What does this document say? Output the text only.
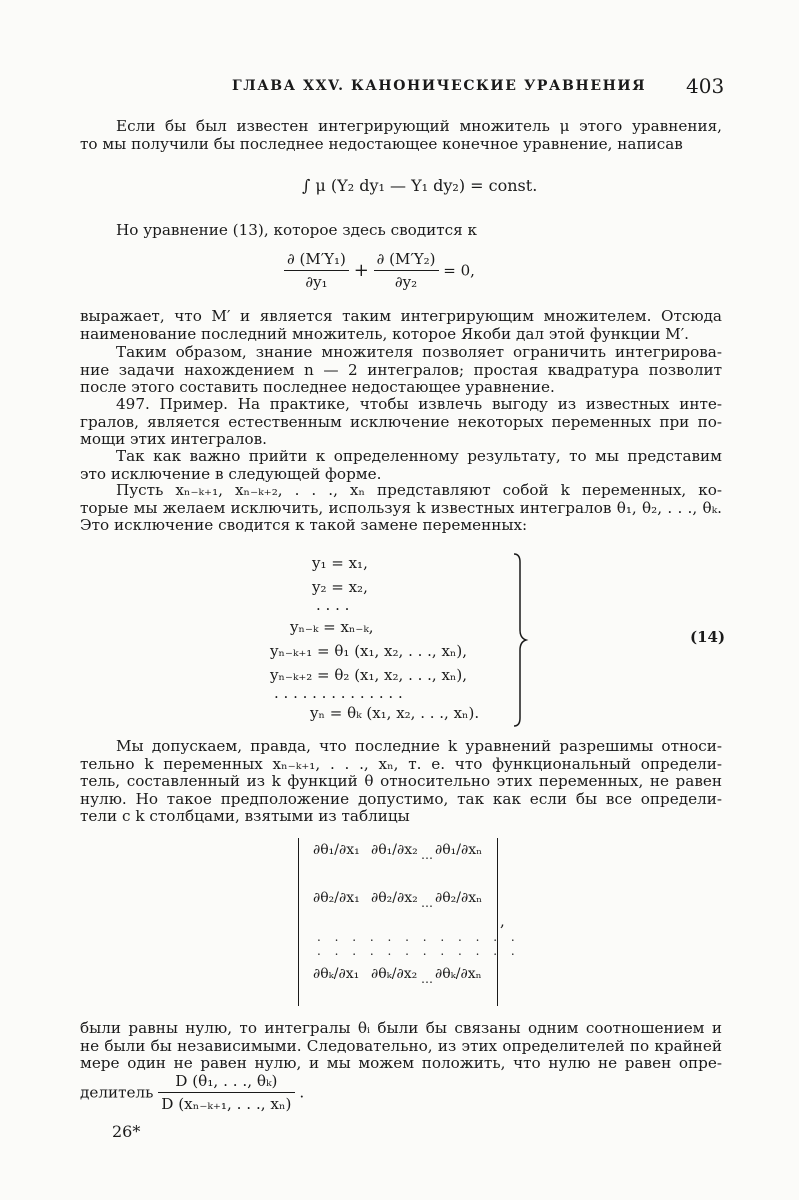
ГЛАВА XXV. КАНОНИЧЕСКИЕ УРАВНЕНИЯ 403
Если бы был известен интегрирующий множитель μ этого уравнения,
то мы получили бы последнее недостающее конечное уравнение, написав
∫ μ (Y₂ dy₁ — Y₁ dy₂) = const.
Но уравнение (13), которое здесь сводится к
$\frac{\text{∂ (M′Y₁)}}{\text{∂y₁}} + \frac{\text{∂ (M′Y₂)}}{\text{∂y₂}} = 0$,
выражает, что M′ и является таким интегрирующим множителем. Отсюда
наименование последний множитель, которое Якоби дал этой функции M′.
Таким образом, знание множителя позволяет ограничить интегрирова-
ние задачи нахождением n — 2 интегралов; простая квадратура позволит
после этого составить последнее недостающее уравнение.
497. Пример. На практике, чтобы извлечь выгоду из известных инте-
гралов, является естественным исключение некоторых переменных при по-
мощи этих интегралов.
Так как важно прийти к определенному результату, то мы представим
это исключение в следующей форме.
Пусть xₙ₋ₖ₊₁, xₙ₋ₖ₊₂, . . ., xₙ представляют собой k переменных, ко-
торые мы желаем исключить, используя k известных интегралов θ₁, θ₂, . . ., θₖ.
Это исключение сводится к такой замене переменных:
y₁ = x₁,
y₂ = x₂,
. . . .
yₙ₋ₖ = xₙ₋ₖ,
yₙ₋ₖ₊₁ = θ₁ (x₁, x₂, . . ., xₙ),
yₙ₋ₖ₊₂ = θ₂ (x₁, x₂, . . ., xₙ),
. . . . . . . . . . . . . .
yₙ = θₖ (x₁, x₂, . . ., xₙ).
(14)
Мы допускаем, правда, что последние k уравнений разрешимы относи-
тельно k переменных xₙ₋ₖ₊₁, . . ., xₙ, т. е. что функциональный определи-
тель, составленный из k функций θ относительно этих переменных, не равен
нулю. Но такое предположение допустимо, так как если бы все определи-
тели с k столбцами, взятыми из таблицы
∂θ₁/∂x₁ ∂θ₁/∂x₂ …
∂θ₁/∂xₙ
∂θ₂/∂x₁ ∂θ₂/∂x₂ …
∂θ₂/∂xₙ
. . . . . . . . . . . .
. . . . . . . . . . . .
∂θₖ/∂x₁ ∂θₖ/∂x₂ …
∂θₖ/∂xₙ
,
были равны нулю, то интегралы θᵢ были бы связаны одним соотношением и
не были бы независимыми. Следовательно, из этих определителей по крайней
мере один не равен нулю, и мы можем положить, что нулю не равен опре-
делитель $\frac{\text{D (θ₁, . . ., θₖ)}}{\text{D (xₙ₋ₖ₊₁, . . ., xₙ)}}$ .
26*
